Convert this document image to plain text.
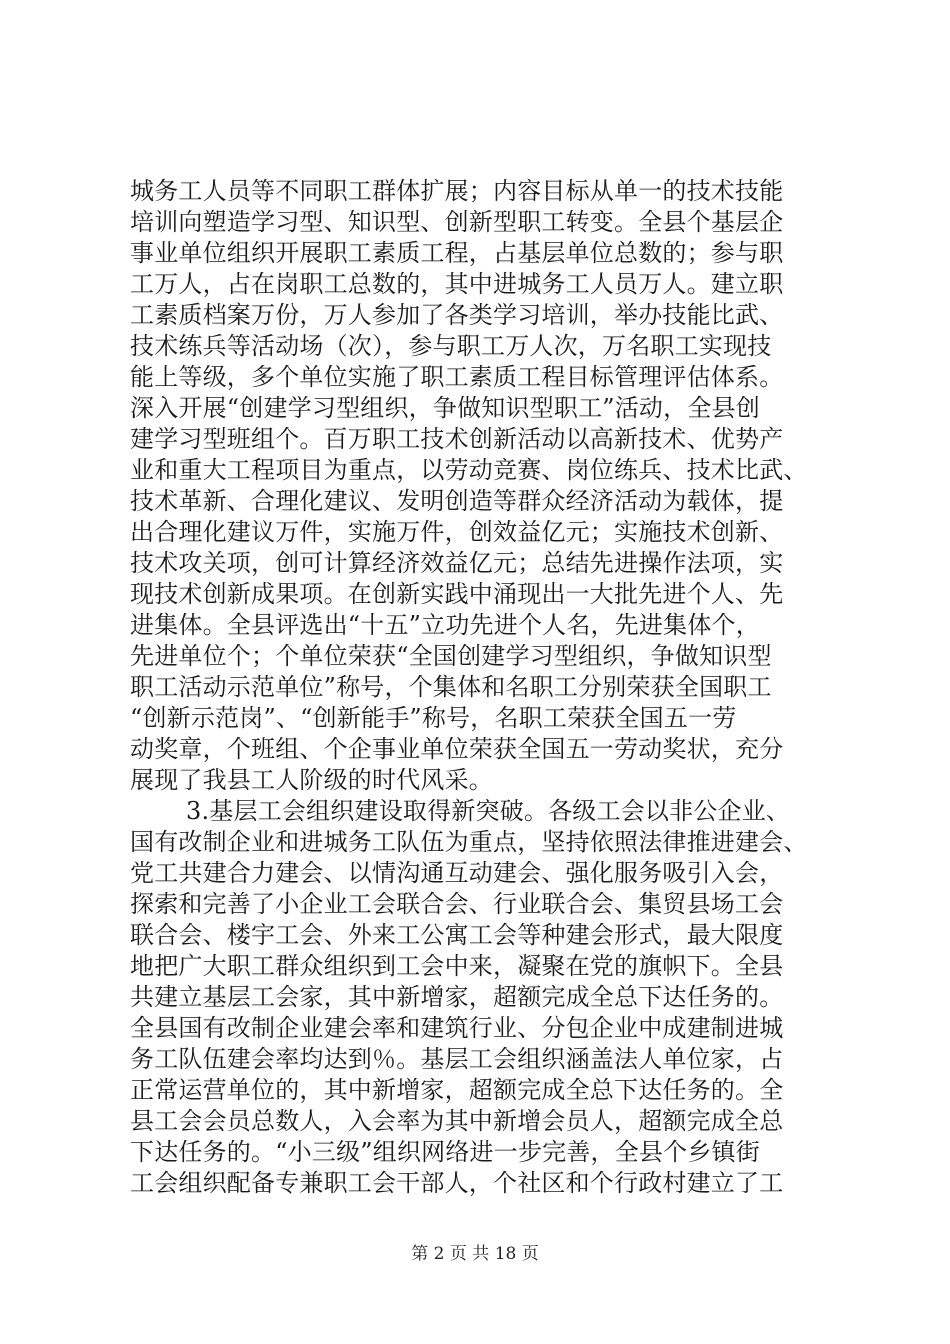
城务工人员等不同职工群体扩展；内容目标从单一的技术技能
培训向塑造学习型、知识型、创新型职工转变。全县个基层企
事业单位组织开展职工素质工程，占基层单位总数的；参与职
工万人，占在岗职工总数的，其中进城务工人员万人。建立职
工素质档案万份，万人参加了各类学习培训，举办技能比武、
技术练兵等活动场（次），参与职工万人次，万名职工实现技
能上等级，多个单位实施了职工素质工程目标管理评估体系。
深入开展“创建学习型组织，争做知识型职工”活动，全县创
建学习型班组个。百万职工技术创新活动以高新技术、优势产
业和重大工程项目为重点，以劳动竞赛、岗位练兵、技术比武、
技术革新、合理化建议、发明创造等群众经济活动为载体，提
出合理化建议万件，实施万件，创效益亿元；实施技术创新、
技术攻关项，创可计算经济效益亿元；总结先进操作法项，实
现技术创新成果项。在创新实践中涌现出一大批先进个人、先
进集体。全县评选出“十五”立功先进个人名，先进集体个，
先进单位个；个单位荣获“全国创建学习型组织，争做知识型
职工活动示范单位”称号，个集体和名职工分别荣获全国职工
“创新示范岗”、“创新能手”称号，名职工荣获全国五一劳
动奖章，个班组、个企事业单位荣获全国五一劳动奖状，充分
展现了我县工人阶级的时代风采。
3.基层工会组织建设取得新突破。各级工会以非公企业、
国有改制企业和进城务工队伍为重点，坚持依照法律推进建会、
党工共建合力建会、以情沟通互动建会、强化服务吸引入会，
探索和完善了小企业工会联合会、行业联合会、集贸县场工会
联合会、楼宇工会、外来工公寓工会等种建会形式，最大限度
地把广大职工群众组织到工会中来，凝聚在党的旗帜下。全县
共建立基层工会家，其中新增家，超额完成全总下达任务的。
全县国有改制企业建会率和建筑行业、分包企业中成建制进城
务工队伍建会率均达到％。基层工会组织涵盖法人单位家，占
正常运营单位的，其中新增家，超额完成全总下达任务的。全
县工会会员总数人，入会率为其中新增会员人，超额完成全总
下达任务的。“小三级”组织网络进一步完善，全县个乡镇街
工会组织配备专兼职工会干部人，个社区和个行政村建立了工
第 2 页 共 18 页
